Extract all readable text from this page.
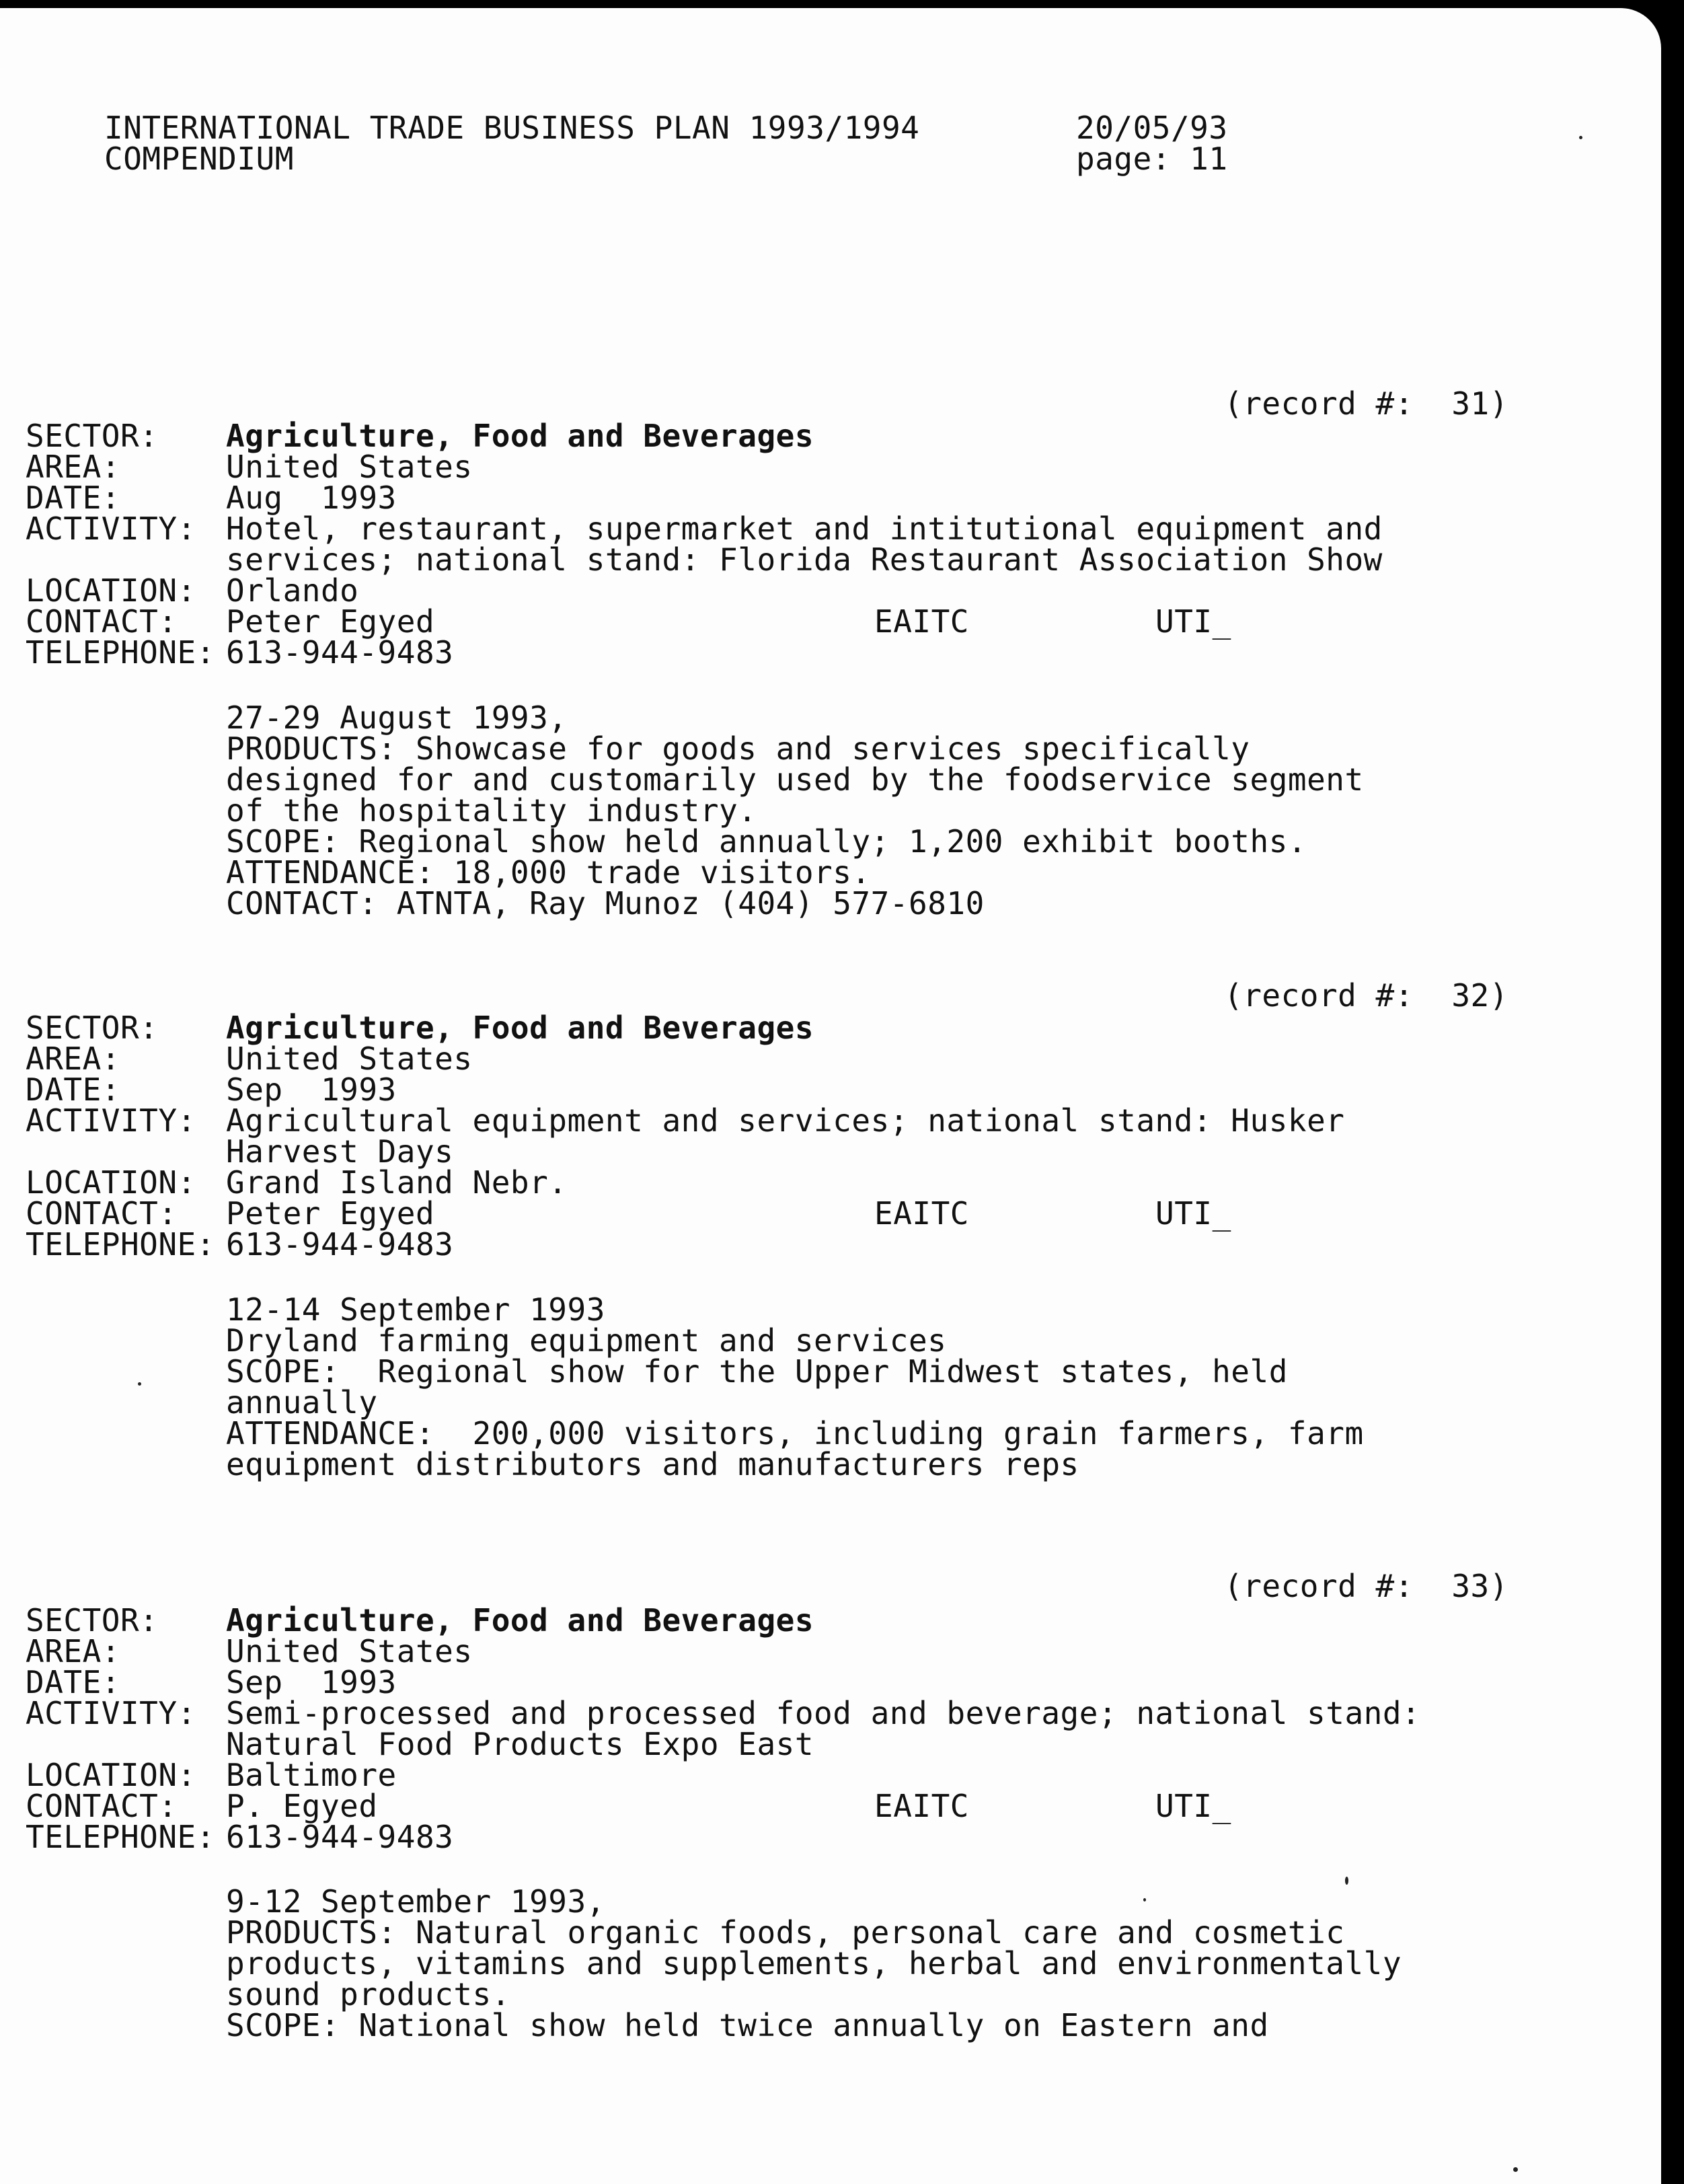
INTERNATIONAL TRADE BUSINESS PLAN 1993/1994
COMPENDIUM
20/05/93
page: 11
(record #:  31)
SECTOR: Agriculture, Food and Beverages
AREA:	United States
DATE:	Aug  1993
ACTIVITY: Hotel, restaurant, supermarket and intitutional equipment and
services; national stand: Florida Restaurant Association Show
LOCATION: Orlando
CONTACT: Peter Egyed	EAITC	UTI_
TELEPHONE: 613-944-9483
27-29 August 1993,
PRODUCTS: Showcase for goods and services specifically
designed for and customarily used by the foodservice segment
of the hospitality industry.
SCOPE: Regional show held annually; 1,200 exhibit booths.
ATTENDANCE: 18,000 trade visitors.
CONTACT: ATNTA, Ray Munoz (404) 577-6810
(record #:  32)
SECTOR: Agriculture, Food and Beverages
AREA:	United States
DATE:	Sep  1993
ACTIVITY: Agricultural equipment and services; national stand: Husker
Harvest Days
LOCATION: Grand Island Nebr.
CONTACT: Peter Egyed	EAITC	UTI_
TELEPHONE: 613-944-9483
12-14 September 1993
Dryland farming equipment and services
SCOPE:  Regional show for the Upper Midwest states, held
annually
ATTENDANCE:  200,000 visitors, including grain farmers, farm
equipment distributors and manufacturers reps
(record #:  33)
SECTOR: Agriculture, Food and Beverages
AREA:	United States
DATE:	Sep  1993
ACTIVITY: Semi-processed and processed food and beverage; national stand:
Natural Food Products Expo East
LOCATION: Baltimore
CONTACT: P. Egyed	EAITC	UTI_
TELEPHONE: 613-944-9483
9-12 September 1993,
PRODUCTS: Natural organic foods, personal care and cosmetic
products, vitamins and supplements, herbal and environmentally
sound products.
SCOPE: National show held twice annually on Eastern and
